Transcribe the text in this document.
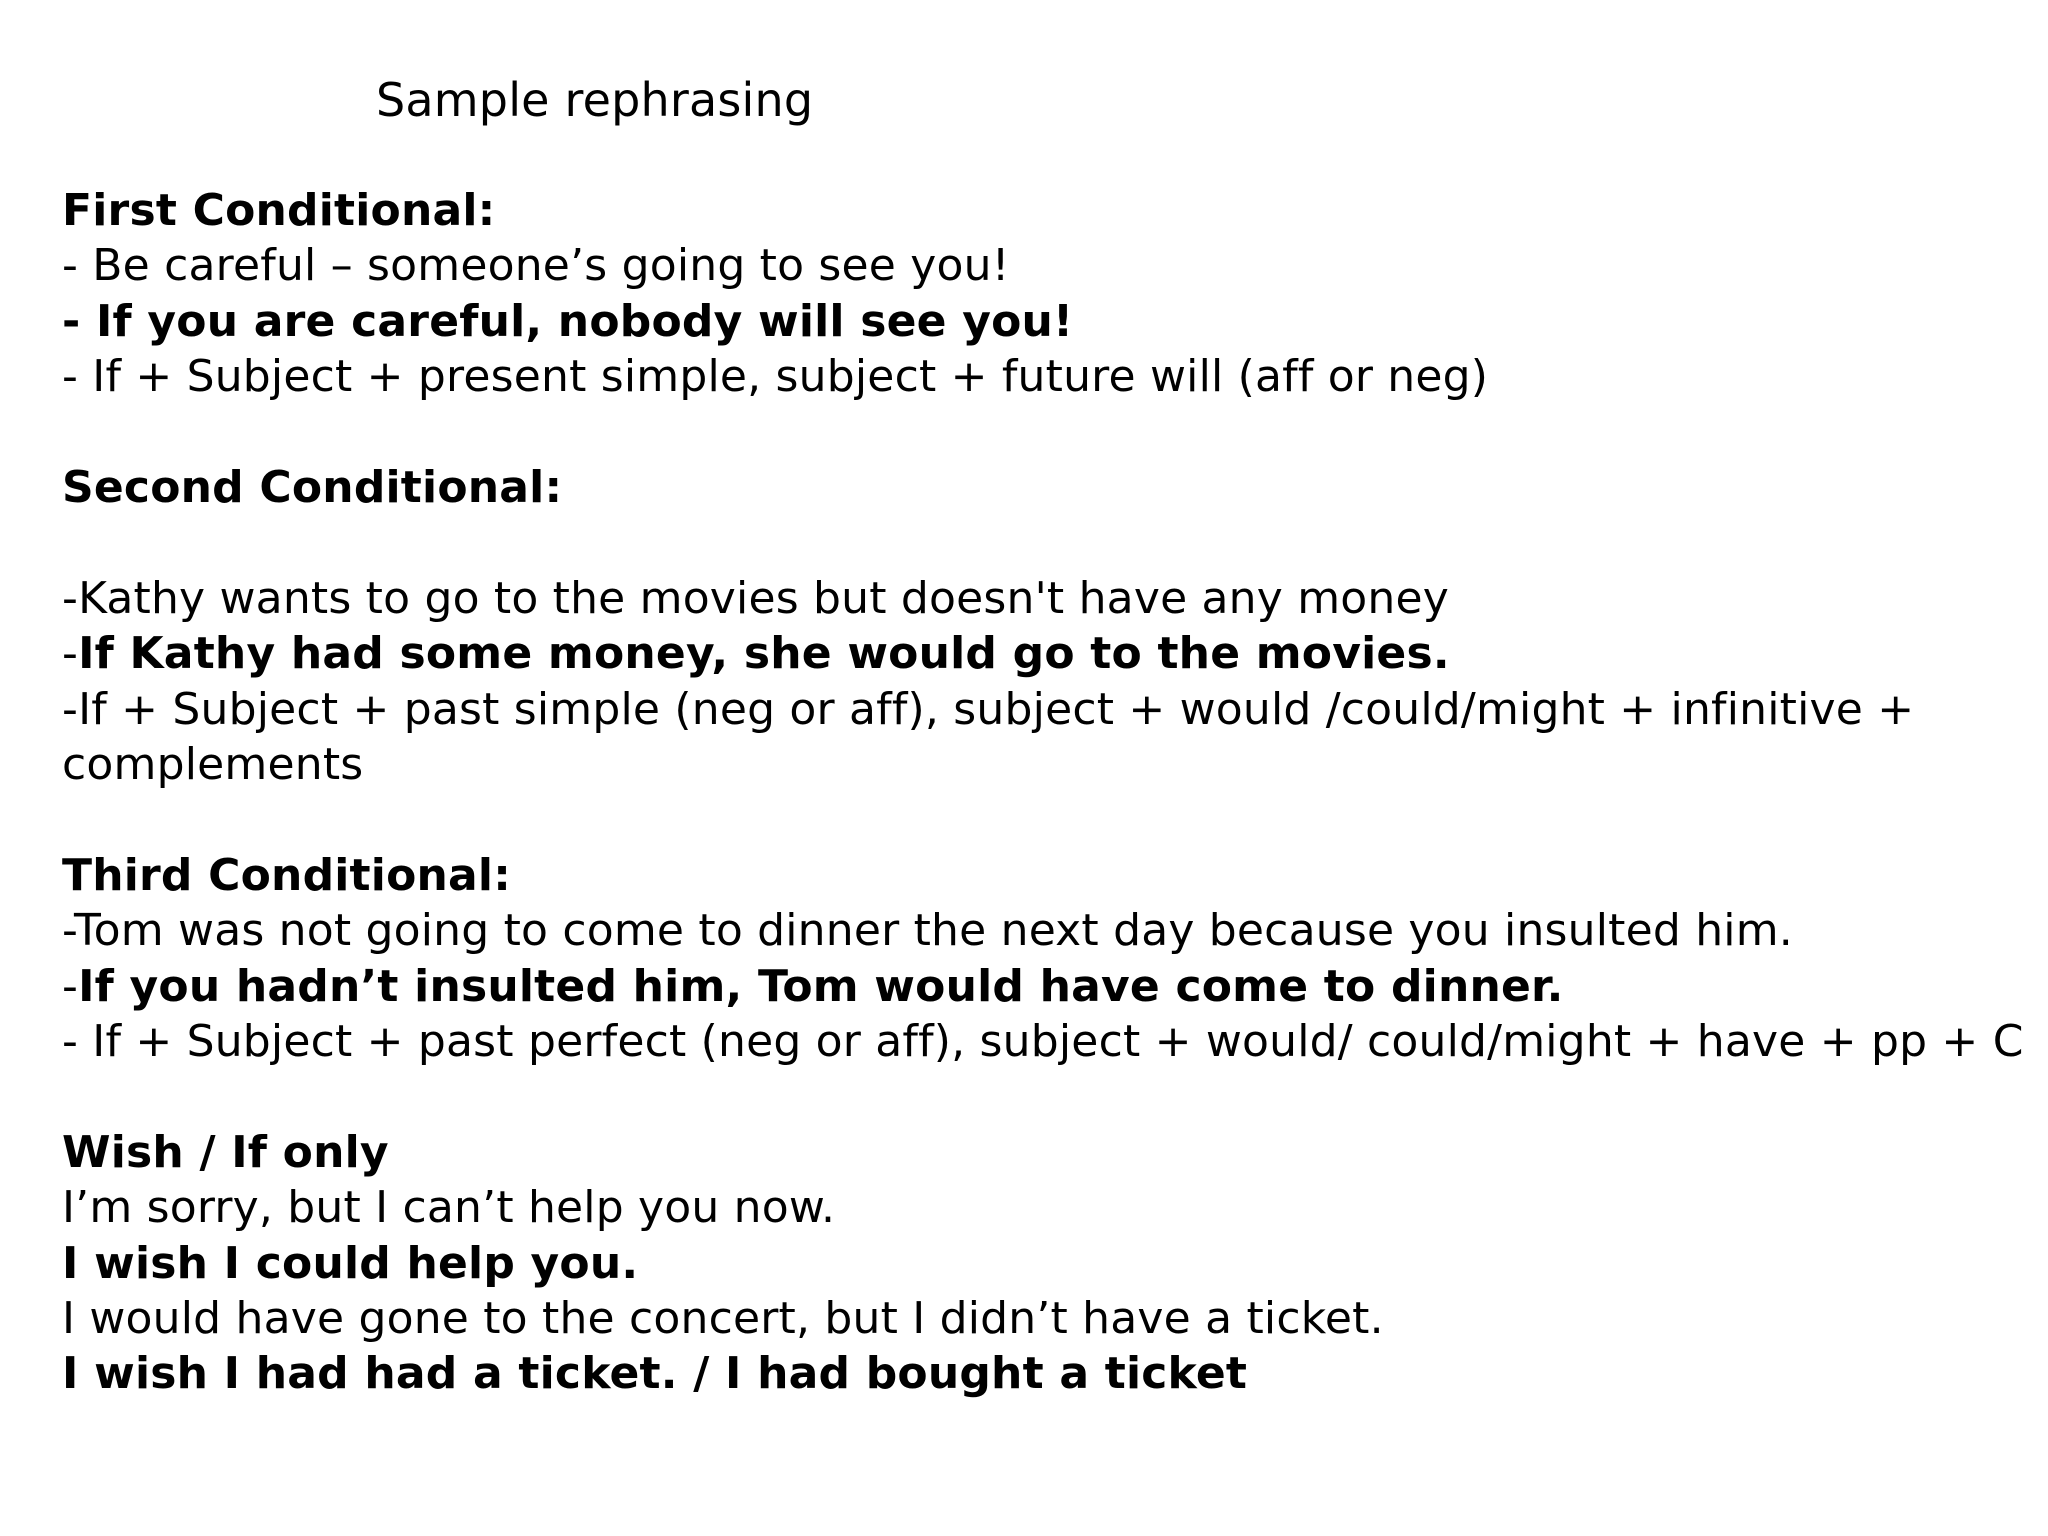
Sample rephrasing
First Conditional:
- Be careful – someone’s going to see you!
- If you are careful, nobody will see you!
- If + Subject + present simple, subject + future will (aff or neg)
Second Conditional:
-Kathy wants to go to the movies but doesn't have any money
-If Kathy had some money, she would go to the movies.
-If + Subject + past simple (neg or aff), subject + would /could/might + infinitive + complements
Third Conditional:
-Tom was not going to come to dinner the next day because you insulted him.
-If you hadn’t insulted him, Tom would have come to dinner.
- If + Subject + past perfect (neg or aff), subject + would/ could/might + have + pp + C
Wish / If only
I’m sorry, but I can’t help you now.
I wish I could help you.
I would have gone to the concert, but I didn’t have a ticket.
I wish I had had a ticket. / I had bought a ticket
